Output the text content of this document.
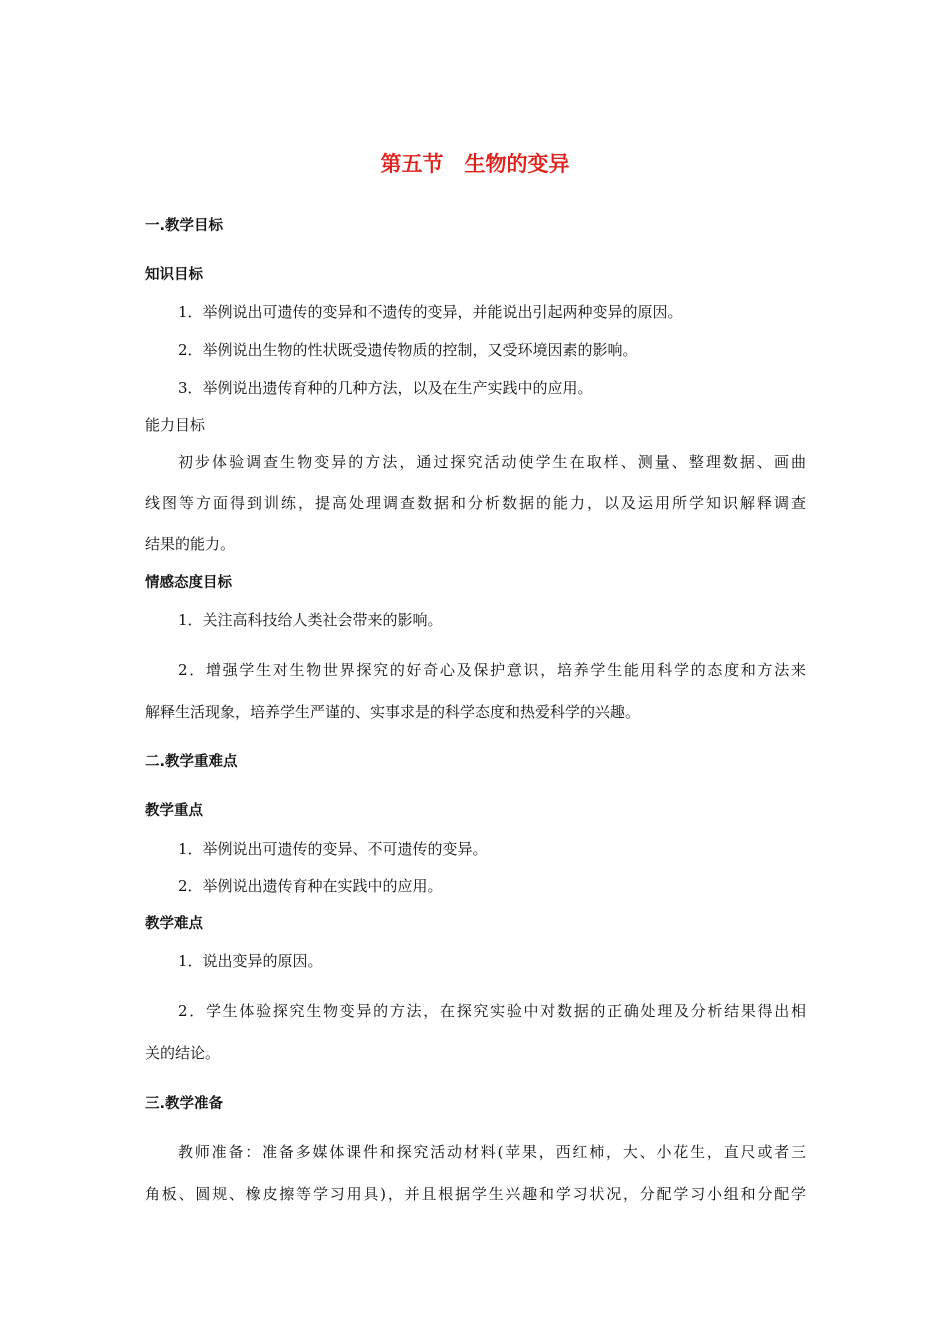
第五节　生物的变异
一.教学目标
知识目标
1．举例说出可遗传的变异和不遗传的变异，并能说出引起两种变异的原因。
2．举例说出生物的性状既受遗传物质的控制，又受环境因素的影响。
3．举例说出遗传育种的几种方法，以及在生产实践中的应用。
能力目标
初步体验调查生物变异的方法，通过探究活动使学生在取样、测量、整理数据、画曲
线图等方面得到训练，提高处理调查数据和分析数据的能力，以及运用所学知识解释调查
结果的能力。
情感态度目标
1．关注高科技给人类社会带来的影响。
2．增强学生对生物世界探究的好奇心及保护意识，培养学生能用科学的态度和方法来
解释生活现象，培养学生严谨的、实事求是的科学态度和热爱科学的兴趣。
二.教学重难点
教学重点
1．举例说出可遗传的变异、不可遗传的变异。
2．举例说出遗传育种在实践中的应用。
教学难点
1．说出变异的原因。
2．学生体验探究生物变异的方法，在探究实验中对数据的正确处理及分析结果得出相
关的结论。
三.教学准备
教师准备：准备多媒体课件和探究活动材料(苹果，西红柿，大、小花生，直尺或者三
角板、圆规、橡皮擦等学习用具)，并且根据学生兴趣和学习状况，分配学习小组和分配学
